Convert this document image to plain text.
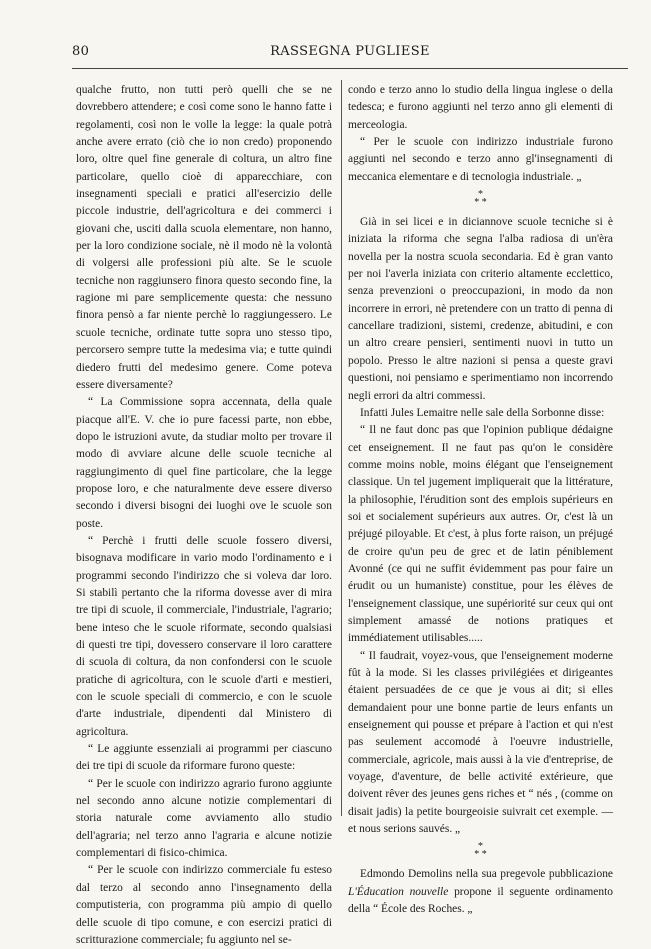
80	RASSEGNA PUGLIESE

qualche frutto, non tutti però quelli che se ne dovrebbero attendere; e così come sono le hanno fatte i regolamenti, così non le volle la legge: la quale potrà anche avere errato (ciò che io non credo) proponendo loro, oltre quel fine generale di coltura, un altro fine particolare, quello cioè di apparecchiare, con insegnamenti speciali e pratici all'esercizio delle piccole industrie, dell'agricoltura e dei commerci i giovani che, usciti dalla scuola elementare, non hanno, per la loro condizione sociale, nè il modo nè la volontà di volgersi alle professioni più alte. Se le scuole tecniche non raggiunsero finora questo secondo fine, la ragione mi pare semplicemente questa: che nessuno finora pensò a far niente perchè lo raggiungessero. Le scuole tecniche, ordinate tutte sopra uno stesso tipo, percorsero sempre tutte la medesima via; e tutte quindi diedero frutti del medesimo genere. Come poteva essere diversamente?

“ La Commissione sopra accennata, della quale piacque all'E. V. che io pure facessi parte, non ebbe, dopo le istruzioni avute, da studiar molto per trovare il modo di avviare alcune delle scuole tecniche al raggiungimento di quel fine particolare, che la legge propose loro, e che naturalmente deve essere diverso secondo i diversi bisogni dei luoghi ove le scuole son poste.

“ Perchè i frutti delle scuole fossero diversi, bisognava modificare in vario modo l'ordinamento e i programmi secondo l'indirizzo che si voleva dar loro. Si stabilì pertanto che la riforma dovesse aver di mira tre tipi di scuole, il commerciale, l'industriale, l'agrario; bene inteso che le scuole riformate, secondo qualsiasi di questi tre tipi, dovessero conservare il loro carattere di scuola di coltura, da non confondersi con le scuole pratiche di agricoltura, con le scuole d'arti e mestieri, con le scuole speciali di commercio, e con le scuole d'arte industriale, dipendenti dal Ministero di agricoltura.

“ Le aggiunte essenziali ai programmi per ciascuno dei tre tipi di scuole da riformare furono queste:

“ Per le scuole con indirizzo agrario furono aggiunte nel secondo anno alcune notizie complementari di storia naturale come avviamento allo studio dell'agraria; nel terzo anno l'agraria e alcune notizie complementari di fisico-chimica.

“ Per le scuole con indirizzo commerciale fu esteso dal terzo al secondo anno l'insegnamento della computisteria, con programma più ampio di quello delle scuole di tipo comune, e con esercizi pratici di scritturazione commerciale; fu aggiunto nel se-

condo e terzo anno lo studio della lingua inglese o della tedesca; e furono aggiunti nel terzo anno gli elementi di merceologia.

“ Per le scuole con indirizzo industriale furono aggiunti nel secondo e terzo anno gl'insegnamenti di meccanica elementare e di tecnologia industriale. „

*
* *

Già in sei licei e in diciannove scuole tecniche si è iniziata la riforma che segna l'alba radiosa di un'èra novella per la nostra scuola secondaria. Ed è gran vanto per noi l'averla iniziata con criterio altamente ecclettico, senza prevenzioni o preoccupazioni, in modo da non incorrere in errori, nè pretendere con un tratto di penna di cancellare tradizioni, sistemi, credenze, abitudini, e con un altro creare pensieri, sentimenti nuovi in tutto un popolo. Presso le altre nazioni si pensa a queste gravi questioni, noi pensiamo e sperimentiamo non incorrendo negli errori da altri commessi.

Infatti Jules Lemaitre nelle sale della Sorbonne disse:

“ Il ne faut donc pas que l'opinion publique dédaigne cet enseignement. Il ne faut pas qu'on le considère comme moins noble, moins élégant que l'enseignement classique. Un tel jugement impliquerait que la littérature, la philosophie, l'érudition sont des emplois supérieurs en soi et socialement supérieurs aux autres. Or, c'est là un préjugé piloyable. Et c'est, à plus forte raison, un préjugé de croire qu'un peu de grec et de latin péniblement Avonné (ce qui ne suffit évidemment pas pour faire un érudit ou un humaniste) constitue, pour les élèves de l'enseignement classique, une supériorité sur ceux qui ont simplement amassé de notions pratiques et immédiatement utilisables.....

“ Il faudrait, voyez-vous, que l'enseignement moderne fût à la mode. Si les classes privilégiées et dirigeantes étaient persuadées de ce que je vous ai dit; si elles demandaient pour une bonne partie de leurs enfants un enseignement qui pousse et prépare à l'action et qui n'est pas seulement accomodé à l'oeuvre industrielle, commerciale, agricole, mais aussi à la vie d'entreprise, de voyage, d'aventure, de belle activité extérieure, que doivent rêver des jeunes gens riches et “ nés , (comme on disait jadis) la petite bourgeoisie suivrait cet exemple. — et nous serions sauvés. „

*
* *

Edmondo Demolins nella sua pregevole pubblicazione L'Éducation nouvelle propone il seguente ordinamento della “ École des Roches. „
